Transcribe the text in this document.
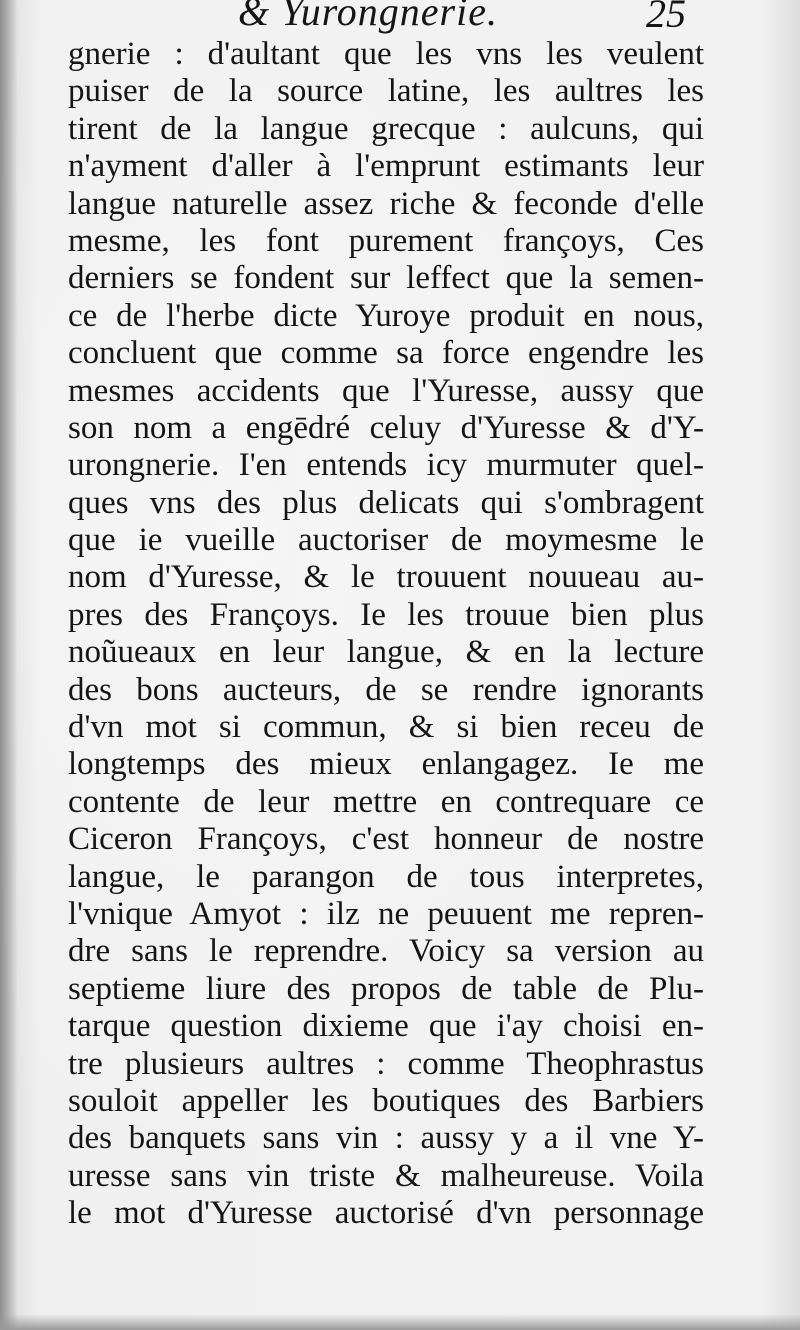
& Yurongnerie.	25
gnerie : d'aultant que les vns les veulent
puiser de la source latine, les aultres les
tirent de la langue grecque : aulcuns, qui
n'ayment d'aller à l'emprunt estimants leur
langue naturelle assez riche & feconde d'elle
mesme, les font purement françoys, Ces
derniers se fondent sur leffect que la semen-
ce de l'herbe dicte Yuroye produit en nous,
concluent que comme sa force engendre les
mesmes accidents que l'Yuresse, aussy que
son nom a engēdré celuy d'Yuresse & d'Y-
urongnerie. I'en entends icy murmuter quel-
ques vns des plus delicats qui s'ombragent
que ie vueille auctoriser de moymesme le
nom d'Yuresse, & le trouuent nouueau au-
pres des Françoys. Ie les trouue bien plus
noũueaux en leur langue, & en la lecture
des bons aucteurs, de se rendre ignorants
d'vn mot si commun, & si bien receu de
longtemps des mieux enlangagez. Ie me
contente de leur mettre en contrequare ce
Ciceron Françoys, c'est honneur de nostre
langue, le parangon de tous interpretes,
l'vnique Amyot : ilz ne peuuent me repren-
dre sans le reprendre. Voicy sa version au
septieme liure des propos de table de Plu-
tarque question dixieme que i'ay choisi en-
tre plusieurs aultres : comme Theophrastus
souloit appeller les boutiques des Barbiers
des banquets sans vin : aussy y a il vne Y-
uresse sans vin triste & malheureuse. Voila
le mot d'Yuresse auctorisé d'vn personnage
